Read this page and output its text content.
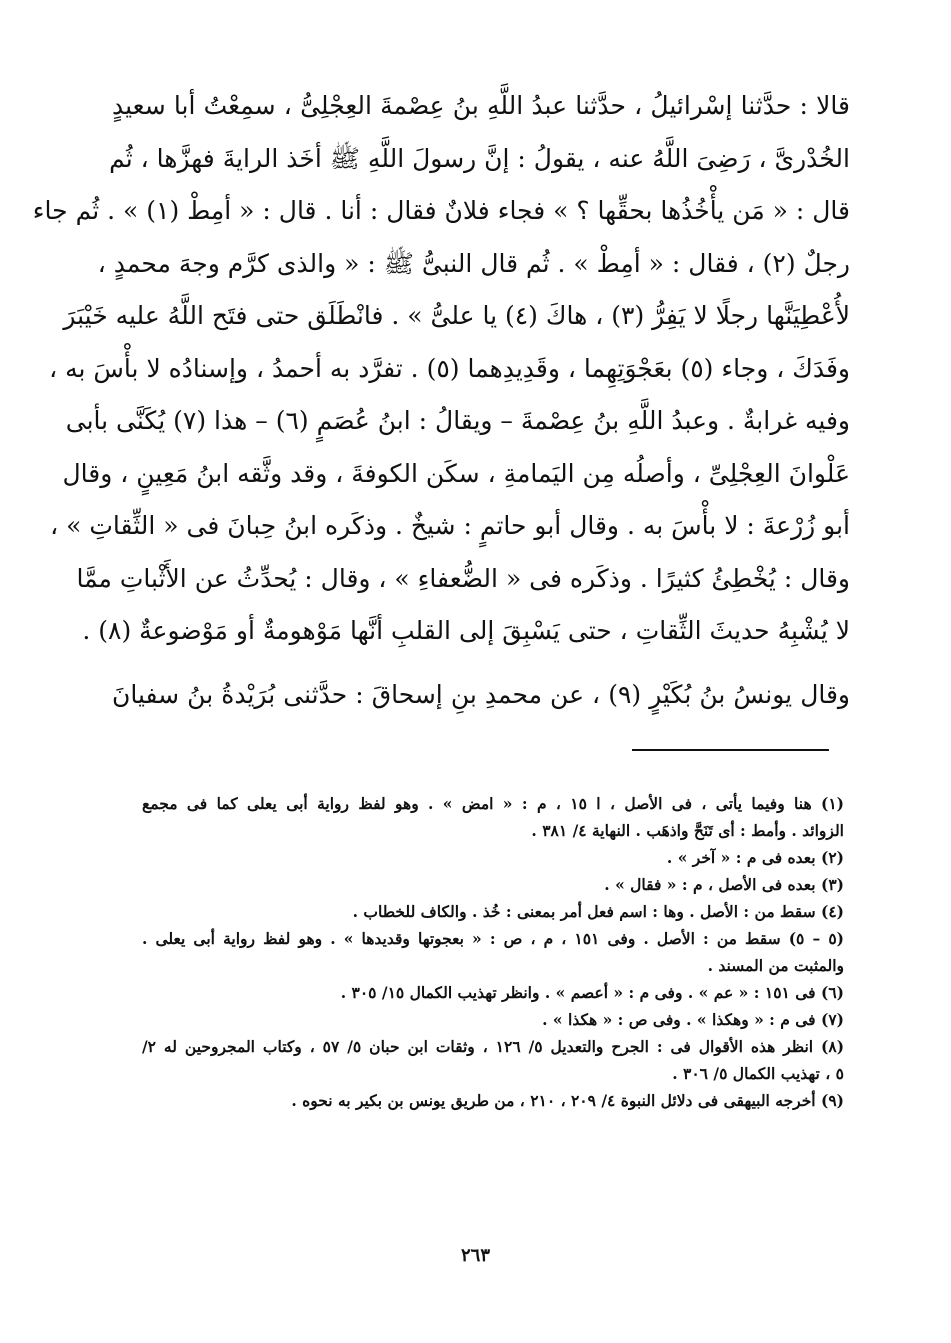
قالا : حدَّثنا إسْرائيلُ ، حدَّثنا عبدُ اللَّهِ بنُ عِصْمةَ العِجْلِىُّ ، سمِعْتُ أبا سعيدٍ
الخُدْرىَّ ، رَضِىَ اللَّهُ عنه ، يقولُ : إنَّ رسولَ اللَّهِ ﷺ أخَذ الرايةَ فهزَّها ، ثُم
قال : « مَن يأْخُذُها بحقِّها ؟ » فجاء فلانٌ فقال : أنا . قال : « أمِطْ (١) » . ثُم جاء
رجلٌ (٢) ، فقال : « أمِطْ » . ثُم قال النبىُّ ﷺ : « والذى كرَّم وجهَ محمدٍ ،
لأُعْطِيَنَّها رجلًا لا يَفِرُّ (٣) ، هاكَ (٤) يا علىُّ » . فانْطَلَق حتى فتَح اللَّهُ عليه خَيْبَرَ
وفَدَكَ ، وجاء (٥) بعَجْوَتِهِما ، وقَدِيدِهما (٥) . تفرَّد به أحمدُ ، وإسنادُه لا بأْسَ به ،
وفيه غرابةٌ . وعبدُ اللَّهِ بنُ عِصْمةَ – ويقالُ : ابنُ عُصَمٍ (٦) – هذا (٧) يُكَنَّى بأبى
عَلْوانَ العِجْلِىِّ ، وأصلُه مِن اليَمامةِ ، سكَن الكوفةَ ، وقد وثَّقه ابنُ مَعِينٍ ، وقال
أبو زُرْعةَ : لا بأْسَ به . وقال أبو حاتمٍ : شيخٌ . وذكَره ابنُ حِبانَ فى « الثِّقاتِ » ،
وقال : يُخْطِئُ كثيرًا . وذكَره فى « الضُّعفاءِ » ، وقال : يُحدِّثُ عن الأَثْباتِ ممَّا
لا يُشْبِهُ حديثَ الثِّقاتِ ، حتى يَسْبِقَ إلى القلبِ أنَّها مَوْهومةٌ أو مَوْضوعةٌ (٨) .
وقال يونسُ بنُ بُكَيْرٍ (٩) ، عن محمدِ بنِ إسحاقَ : حدَّثنى بُرَيْدةُ بنُ سفيانَ
(١) هنا وفيما يأتى ، فى الأصل ، ا ١٥ ، م : « امض » . وهو لفظ رواية أبى يعلى كما فى مجمع
الزوائد . وأمط : أى تَنَحَّ واذهَب . النهاية ٤/ ٣٨١ .
(٢) بعده فى م : « آخر » .
(٣) بعده فى الأصل ، م : « فقال » .
(٤) سقط من : الأصل . وها : اسم فعل أمر بمعنى : خُذ . والكاف للخطاب .
(٥ – ٥) سقط من : الأصل . وفى ١٥١ ، م ، ص : « بعجوتها وقديدها » . وهو لفظ رواية أبى يعلى .
والمثبت من المسند .
(٦) فى ١٥١ : « عم » . وفى م : « أعصم » . وانظر تهذيب الكمال ١٥/ ٣٠٥ .
(٧) فى م : « وهكذا » . وفى ص : « هكذا » .
(٨) انظر هذه الأقوال فى : الجرح والتعديل ٥/ ١٢٦ ، وثقات ابن حبان ٥/ ٥٧ ، وكتاب المجروحين له ٢/
٥ ، تهذيب الكمال ٥/ ٣٠٦ .
(٩) أخرجه البيهقى فى دلائل النبوة ٤/ ٢٠٩ ، ٢١٠ ، من طريق يونس بن بكير به نحوه .
٢٦٣
